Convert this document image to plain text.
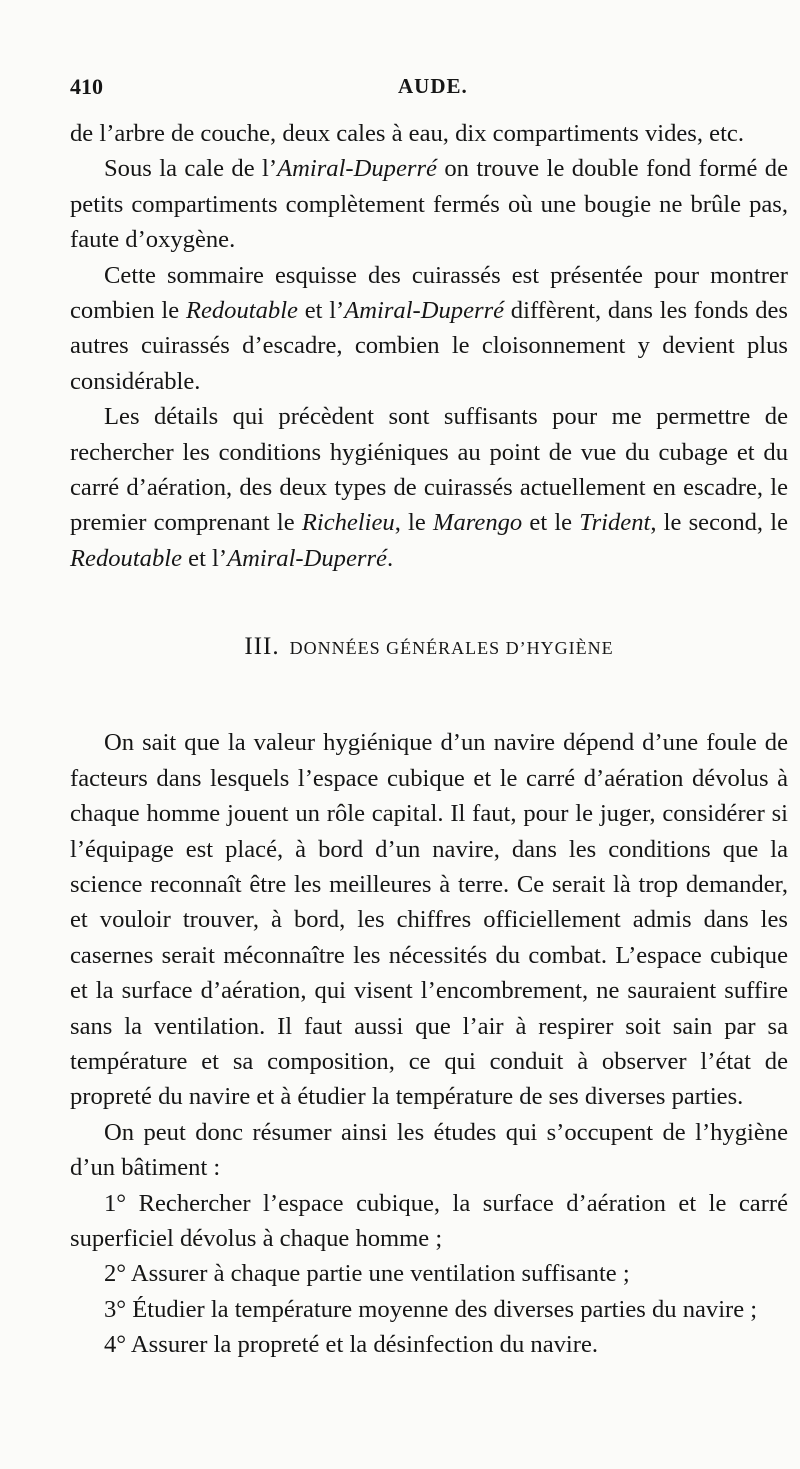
410	AUDE.

de l’arbre de couche, deux cales à eau, dix compartiments vides, etc.

Sous la cale de l’Amiral-Duperré on trouve le double fond formé de petits compartiments complètement fermés où une bougie ne brûle pas, faute d’oxygène.

Cette sommaire esquisse des cuirassés est présentée pour montrer combien le Redoutable et l’Amiral-Duperré diffèrent, dans les fonds des autres cuirassés d’escadre, combien le cloisonnement y devient plus considérable.

Les détails qui précèdent sont suffisants pour me permettre de rechercher les conditions hygiéniques au point de vue du cubage et du carré d’aération, des deux types de cuirassés actuellement en escadre, le premier comprenant le Richelieu, le Marengo et le Trident, le second, le Redoutable et l’Amiral-Duperré.

III. DONNÉES GÉNÉRALES D’HYGIÈNE

On sait que la valeur hygiénique d’un navire dépend d’une foule de facteurs dans lesquels l’espace cubique et le carré d’aération dévolus à chaque homme jouent un rôle capital. Il faut, pour le juger, considérer si l’équipage est placé, à bord d’un navire, dans les conditions que la science reconnaît être les meilleures à terre. Ce serait là trop demander, et vouloir trouver, à bord, les chiffres officiellement admis dans les casernes serait méconnaître les nécessités du combat. L’espace cubique et la surface d’aération, qui visent l’encombrement, ne sauraient suffire sans la ventilation. Il faut aussi que l’air à respirer soit sain par sa température et sa composition, ce qui conduit à observer l’état de propreté du navire et à étudier la température de ses diverses parties.

On peut donc résumer ainsi les études qui s’occupent de l’hygiène d’un bâtiment :

1° Rechercher l’espace cubique, la surface d’aération et le carré superficiel dévolus à chaque homme ;

2° Assurer à chaque partie une ventilation suffisante ;

3° Étudier la température moyenne des diverses parties du navire ;

4° Assurer la propreté et la désinfection du navire.
